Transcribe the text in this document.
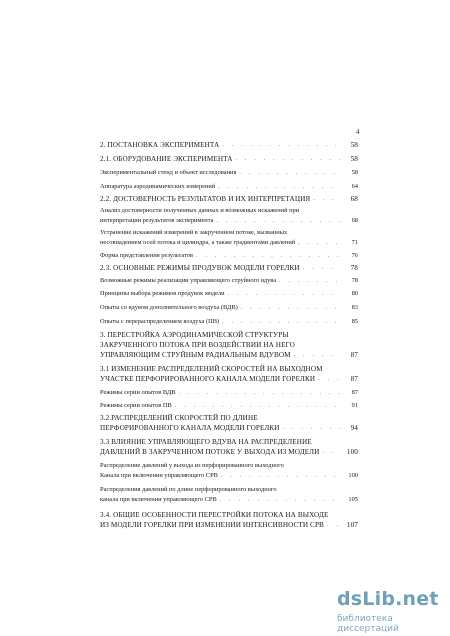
4
2. ПОСТАНОВКА ЭКСПЕРИМЕНТА . . .	58
2.1. ОБОРУДОВАНИЕ ЭКСПЕРИМЕНТА . . .	58
Экспериментальный стенд и объект исследования . . .	58
Аппаратура аэродинамических измерений . . .	64
2.2. ДОСТОВЕРНОСТЬ РЕЗУЛЬТАТОВ И ИХ ИНТЕРПРЕТАЦИЯ . . .	68
Анализ достоверности полученных данных и возможных искажений при
интерпретации результатов эксперимента . . .	68
Устранение искажений измерений в закрученном потоке, вызванных
несовпадением осей потока и цилиндра, а также градиентами давлений . . .	71
Форма представления результатов . . .	76
2.3. ОСНОВНЫЕ РЕЖИМЫ ПРОДУВОК МОДЕЛИ ГОРЕЛКИ . . .	78
Возможные режимы реализации управляющего струйного вдува . . .	78
Принципы выбора режимов продувок модели . . .	80
Опыты со вдувом дополнительного воздуха (ВДВ) . . .	83
Опыты с перераспределением воздуха (ПВ) . . .	85
3. ПЕРЕСТРОЙКА АЭРОДИНАМИЧЕСКОЙ СТРУКТУРЫ
ЗАКРУЧЕННОГО ПОТОКА ПРИ ВОЗДЕЙСТВИИ НА НЕГО
УПРАВЛЯЮЩИМ СТРУЙНЫМ РАДИАЛЬНЫМ ВДУВОМ . . .	87
3.1 ИЗМЕНЕНИЕ РАСПРЕДЕЛЕНИЙ СКОРОСТЕЙ НА ВЫХОДНОМ
УЧАСТКЕ ПЕРФОРИРОВАННОГО КАНАЛА МОДЕЛИ ГОРЕЛКИ . . .	87
Режимы серии опытов ВДВ . . .	87
Режимы серии опытов ПВ . . .	91
3.2.РАСПРЕДЕЛЕНИЙ СКОРОСТЕЙ ПО ДЛИНЕ
ПЕРФОРИРОВАННОГО КАНАЛА МОДЕЛИ ГОРЕЛКИ . . .	94
3.3 ВЛИЯНИЕ УПРАВЛЯЮЩЕГО ВДУВА НА РАСПРЕДЕЛЕНИЕ
ДАВЛЕНИЙ В ЗАКРУЧЕННОМ ПОТОКЕ У ВЫХОДА ИЗ МОДЕЛИ . . .	100
Распределение давлений у выхода из перфорированного выходного
Канала при включении управляющего СРВ . . .	100
Распределения давлений по длине перфорированного выходного
канала при включении управляющего СРВ . . .	105
3.4. ОБЩИЕ ОСОБЕННОСТИ ПЕРЕСТРОЙКИ ПОТОКА НА ВЫХОДЕ
ИЗ МОДЕЛИ ГОРЕЛКИ ПРИ ИЗМЕНЕНИИ ИНТЕНСИВНОСТИ СРВ . . .	107
dsLib.net
библиотека диссертаций
